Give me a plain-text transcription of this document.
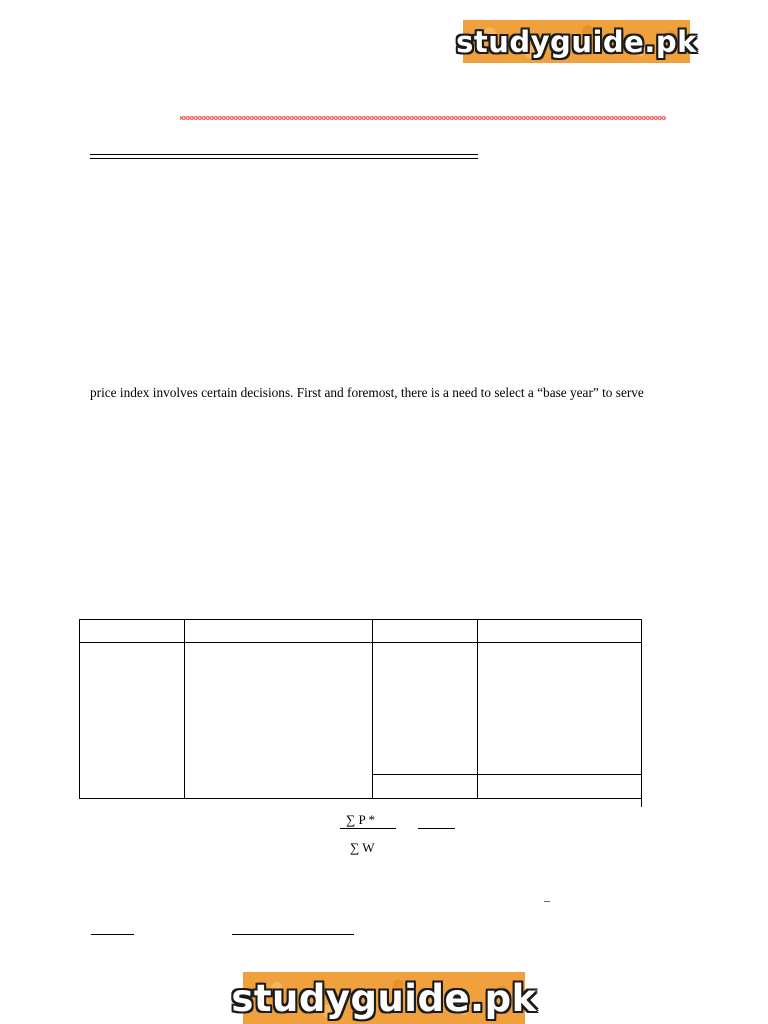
studyguide.pk
price index involves certain decisions. First and foremost, there is a need to select a “base year” to serve
∑ P *
∑ W
_
studyguide.pk
